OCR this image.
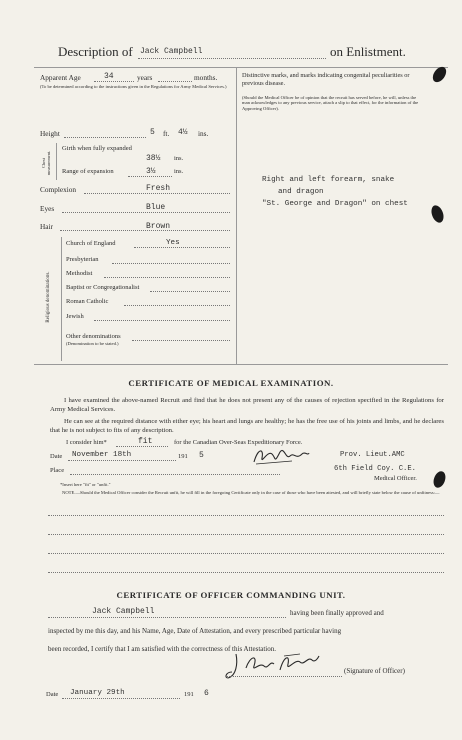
Description of Jack Campbell	on Enlistment.
Apparent Age	34	years	months.
(To be determined according to the instructions given in the Regulations for Army Medical Services.)
Distinctive marks, and marks indicating congenital peculiarities or previous disease.
(Should the Medical Officer be of opinion that the recruit has served before, he will, unless the man acknowledges to any previous service, attach a slip to that effect, for the information of the Approving Officer).
Right and left forearm, snake
and dragon
"St. George and Dragon" on chest
Height	5 ft. 4½ ins.
Chest measurement.
Girth when fully expanded
38½ ins.
Range of expansion	3½	ins.
Complexion	Fresh
Eyes	Blue
Hair	Brown
Religious denominations.
Church of England	Yes
Presbyterian
Methodist
Baptist or Congregationalist
Roman Catholic
Jewish
Other denominations
(Denomination to be stated.)
CERTIFICATE OF MEDICAL EXAMINATION.
I have examined the above-named Recruit and find that he does not present any of the causes of rejection specified in the Regulations for Army Medical Services.
He can see at the required distance with either eye; his heart and lungs are healthy; he has the free use of his joints and limbs, and he declares that he is not subject to fits of any description.
I consider him*	fit	for the Canadian Over-Seas Expeditionary Force.
Date November 18th	191 5	Prov. Lieut.AMC
Place	6th Field Coy. C.E.
Medical Officer.
*Insert here "fit" or "unfit."
NOTE.—Should the Medical Officer consider the Recruit unfit, he will fill in the foregoing Certificate only in the case of those who have been attested, and will briefly state below the cause of unfitness:—
CERTIFICATE OF OFFICER COMMANDING UNIT.
Jack Campbell	having been finally approved and
inspected by me this day, and his Name, Age, Date of Attestation, and every prescribed particular having
been recorded, I certify that I am satisfied with the correctness of this Attestation.
(Signature of Officer)
Date January 29th	191 6
